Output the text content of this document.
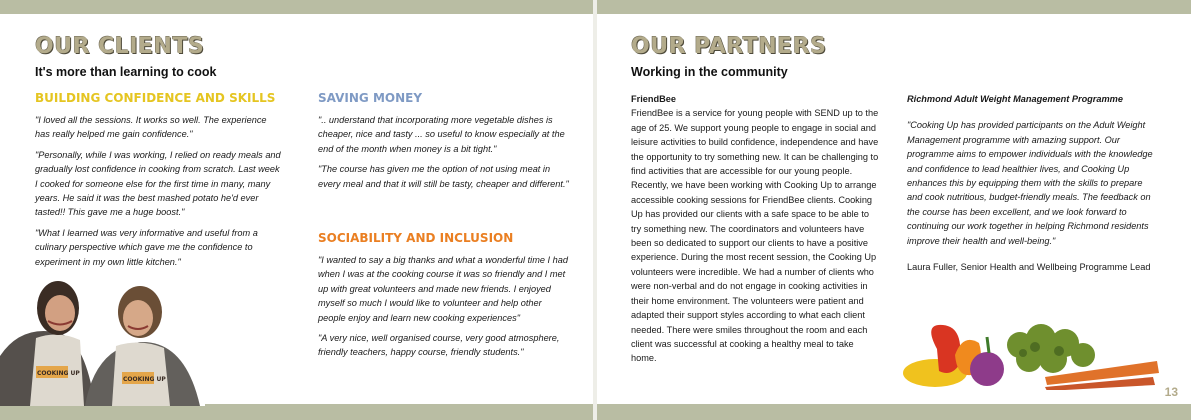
OUR CLIENTS
It's more than learning to cook
BUILDING CONFIDENCE AND SKILLS

"I loved all the sessions. It works so well. The experience has really helped me gain confidence."

"Personally, while I was working, I relied on ready meals and gradually lost confidence in cooking from scratch. Last week I cooked for someone else for the first time in many, many years. He said it was the best mashed potato he'd ever tasted!! This gave me a huge boost."

"What I learned was very informative and useful from a culinary perspective which gave me the confidence to experiment in my own little kitchen."

SAVING MONEY

".. understand that incorporating more vegetable dishes is cheaper, nice and tasty ... so useful to know especially at the end of the month when money is a bit tight."

"The course has given me the option of not using meat in every meal and that it will still be tasty, cheaper and different."

SOCIABILITY AND INCLUSION

"I wanted to say a big thanks and what a wonderful time I had when I was at the cooking course it was so friendly and I met up with great volunteers and made new friends. I enjoyed myself so much I would like to volunteer and help other people enjoy and learn new cooking experiences"

"A very nice, well organised course, very good atmosphere, friendly teachers, happy course, friendly students."

COOKING UP
COOKING UP
OUR PARTNERS
Working in the community

FriendBee

FriendBee is a service for young people with SEND up to the age of 25. We support young people to engage in social and leisure activities to build confidence, independence and have the opportunity to try something new. It can be challenging to find activities that are accessible for our young people. Recently, we have been working with Cooking Up to arrange accessible cooking sessions for FriendBee clients. Cooking Up has provided our clients with a safe space to be able to try something new. The coordinators and volunteers have been so dedicated to support our clients to have a positive experience. During the most recent session, the Cooking Up volunteers were incredible. We had a number of clients who were non-verbal and do not engage in cooking activities in their home environment. The volunteers were patient and adapted their support styles according to what each client needed. There were smiles throughout the room and each client was successful at cooking a healthy meal to take home.

Richmond Adult Weight Management Programme

"Cooking Up has provided participants on the Adult Weight Management programme with amazing support. Our programme aims to empower individuals with the knowledge and confidence to lead healthier lives, and Cooking Up enhances this by equipping them with the skills to prepare and cook nutritious, budget-friendly meals. The feedback on the course has been excellent, and we look forward to continuing our work together in helping Richmond residents improve their health and well-being."

Laura Fuller, Senior Health and Wellbeing Programme Lead

13
